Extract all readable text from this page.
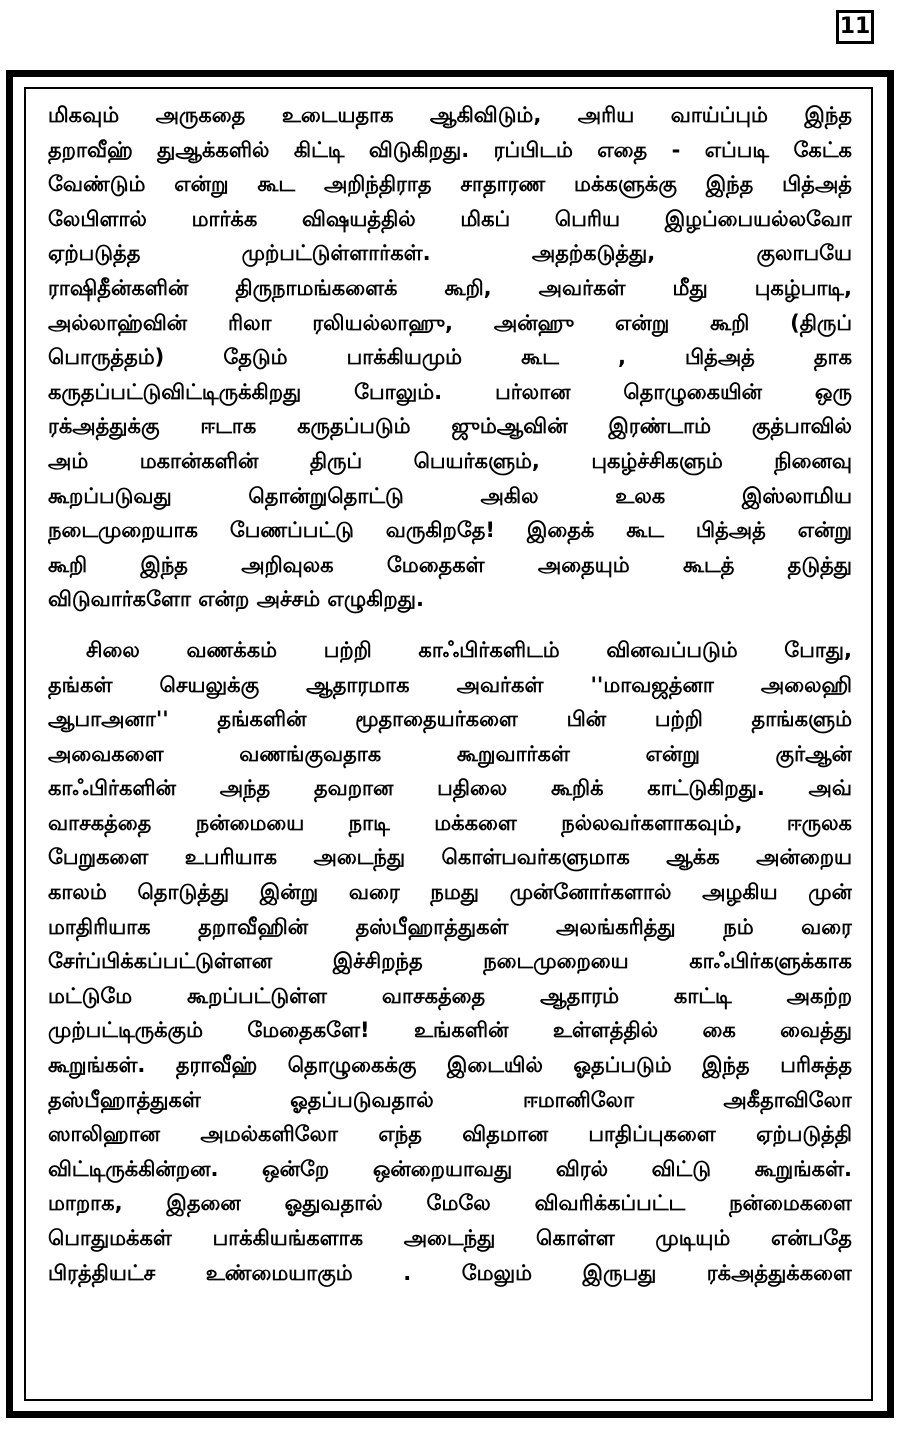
11

மிகவும் அருகதை உடையதாக ஆகிவிடும், அரிய வாய்ப்பும் இந்த
தறாவீஹ் துஆக்களில் கிட்டி விடுகிறது. ரப்பிடம் எதை - எப்படி கேட்க
வேண்டும் என்று கூட அறிந்திராத சாதாரண மக்களுக்கு இந்த பித்அத்
லேபிளால் மார்க்க விஷயத்தில் மிகப் பெரிய இழப்பையல்லவோ
ஏற்படுத்த முற்பட்டுள்ளார்கள். அதற்கடுத்து, குலாபயே
ராஷிதீன்களின் திருநாமங்களைக் கூறி, அவர்கள் மீது புகழ்பாடி,
அல்லாஹ்வின் ரிலா ரலியல்லாஹு, அன்ஹு என்று கூறி (திருப்
பொருத்தம்) தேடும் பாக்கியமும் கூட , பித்அத் தாக
கருதப்பட்டுவிட்டிருக்கிறது போலும். பர்லான தொழுகையின் ஒரு
ரக்அத்துக்கு ஈடாக கருதப்படும் ஜும்ஆவின் இரண்டாம் குத்பாவில்
அம் மகான்களின் திருப் பெயர்களும், புகழ்ச்சிகளும் நினைவு
கூறப்படுவது தொன்றுதொட்டு அகில உலக இஸ்லாமிய
நடைமுறையாக பேணப்பட்டு வருகிறதே! இதைக் கூட பித்அத் என்று
கூறி இந்த அறிவுலக மேதைகள் அதையும் கூடத் தடுத்து
விடுவார்களோ என்ற அச்சம் எழுகிறது.

சிலை வணக்கம் பற்றி காஃபிர்களிடம் வினவப்படும் போது,
தங்கள் செயலுக்கு ஆதாரமாக அவர்கள் ''மாவஜத்னா அலைஹி
ஆபாஅனா'' தங்களின் மூதாதையர்களை பின் பற்றி தாங்களும்
அவைகளை வணங்குவதாக கூறுவார்கள் என்று குர்ஆன்
காஃபிர்களின் அந்த தவறான பதிலை கூறிக் காட்டுகிறது. அவ்
வாசகத்தை நன்மையை நாடி மக்களை நல்லவர்களாகவும், ஈருலக
பேறுகளை உபரியாக அடைந்து கொள்பவர்களுமாக ஆக்க அன்றைய
காலம் தொடுத்து இன்று வரை நமது முன்னோர்களால் அழகிய முன்
மாதிரியாக தறாவீஹின் தஸ்பீஹாத்துகள் அலங்கரித்து நம் வரை
சேர்ப்பிக்கப்பட்டுள்ளன இச்சிறந்த நடைமுறையை காஃபிர்களுக்காக
மட்டுமே கூறப்பட்டுள்ள வாசகத்தை ஆதாரம் காட்டி அகற்ற
முற்பட்டிருக்கும் மேதைகளே! உங்களின் உள்ளத்தில் கை வைத்து
கூறுங்கள். தராவீஹ் தொழுகைக்கு இடையில் ஓதப்படும் இந்த பரிசுத்த
தஸ்பீஹாத்துகள் ஓதப்படுவதால் ஈமானிலோ அகீதாவிலோ
ஸாலிஹான அமல்களிலோ எந்த விதமான பாதிப்புகளை ஏற்படுத்தி
விட்டிருக்கின்றன. ஒன்றே ஒன்றையாவது விரல் விட்டு கூறுங்கள்.
மாறாக, இதனை ஓதுவதால் மேலே விவரிக்கப்பட்ட நன்மைகளை
பொதுமக்கள் பாக்கியங்களாக அடைந்து கொள்ள முடியும் என்பதே
பிரத்தியட்ச உண்மையாகும் . மேலும் இருபது ரக்அத்துக்களை
